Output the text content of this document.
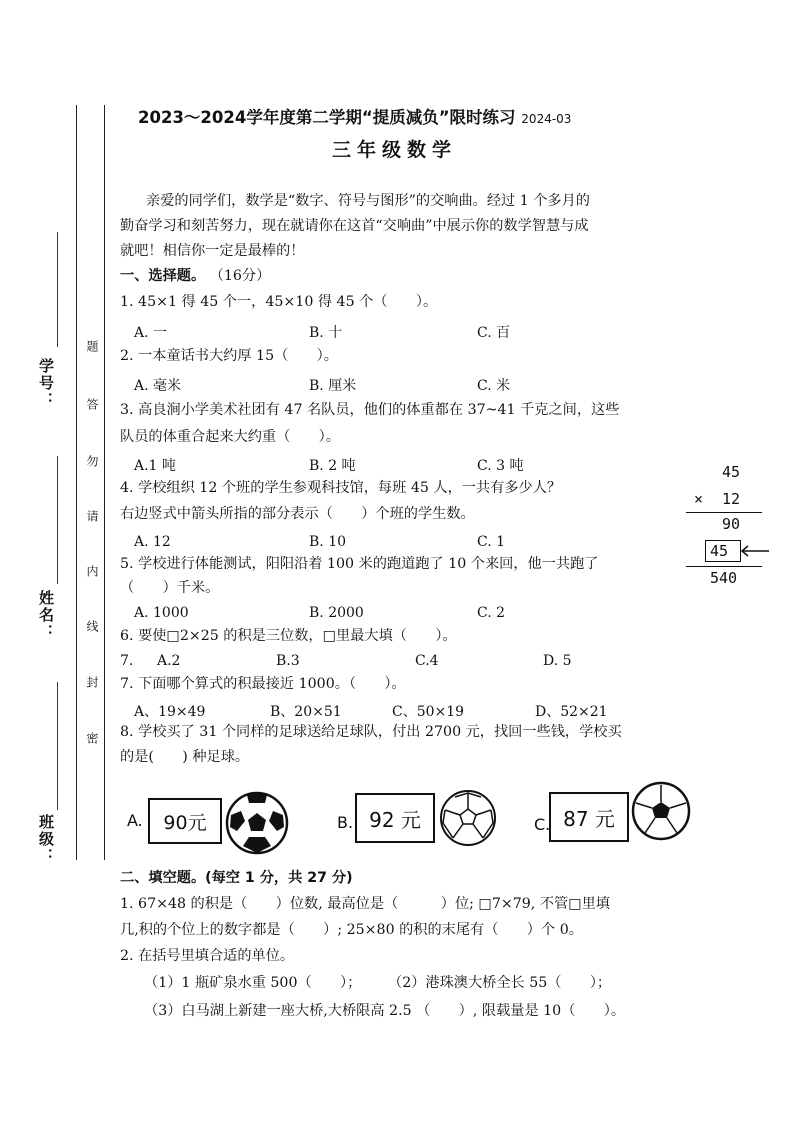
学号：
姓名：
班级：
题
答
勿
请
内
线
封
密
2023～2024学年度第二学期“提质减负”限时练习 2024-03
三年级数学
亲爱的同学们，数学是“数字、符号与图形”的交响曲。经过 1 个多月的
勤奋学习和刻苦努力，现在就请你在这首“交响曲”中展示你的数学智慧与成
就吧！相信你一定是最棒的！
一、选择题。 （16分）
1. 45×1 得 45 个一，45×10 得 45 个（　　）。
A. 一	B. 十	C. 百
2. 一本童话书大约厚 15（　　）。
A. 毫米	B. 厘米	C. 米
3. 高良涧小学美术社团有 47 名队员，他们的体重都在 37~41 千克之间，这些
队员的体重合起来大约重（　　）。
A.1 吨	B. 2 吨	C. 3 吨
4. 学校组织 12 个班的学生参观科技馆，每班 45 人，一共有多少人？
右边竖式中箭头所指的部分表示（　　）个班的学生数。
A. 12	B. 10	C. 1
5. 学校进行体能测试，阳阳沿着 100 米的跑道跑了 10 个来回，他一共跑了
（　　）千米。
A. 1000	B. 2000	C. 2
6. 要使□2×25 的积是三位数，□里最大填（　　）。
7. A.2	B.3	C.4	D. 5
7. 下面哪个算式的积最接近 1000。（　　）。
A、19×49	B、20×51	C、50×19	D、52×21
8. 学校买了 31 个同样的足球送给足球队，付出 2700 元，找回一些钱，学校买
的是(　　) 种足球。
A.	90元	B. 92 元	C. 87 元
45
× 12
90
45
540
二、填空题。(每空 1 分，共 27 分)
1. 67×48 的积是（　　）位数, 最高位是（　　　）位; □7×79, 不管□里填
几,积的个位上的数字都是（　　）; 25×80 的积的末尾有（　　）个 0。
2. 在括号里填合适的单位。
（1）1 瓶矿泉水重 500（　　）； （2）港珠澳大桥全长 55（　　）；
（3）白马湖上新建一座大桥,大桥限高 2.5 （　　）, 限载量是 10（　　）。
